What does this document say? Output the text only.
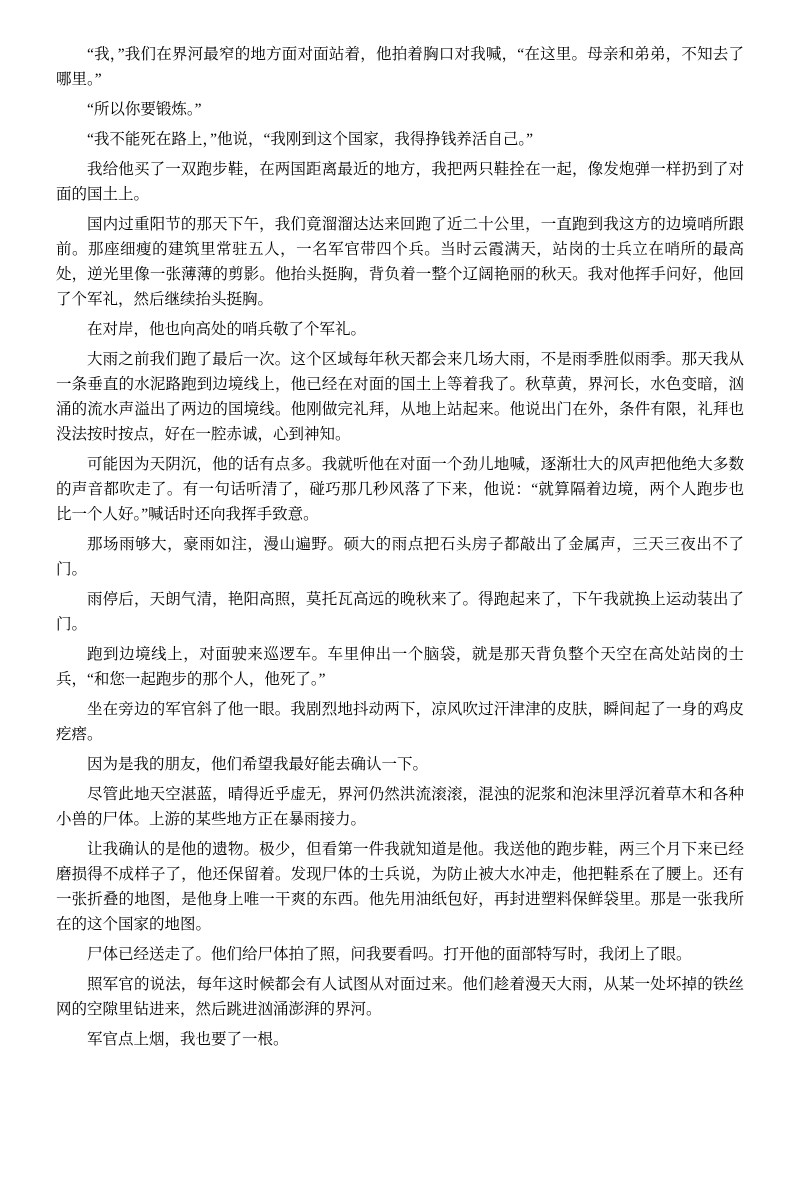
“我，”我们在界河最窄的地方面对面站着，他拍着胸口对我喊，“在这里。母亲和弟弟，不知去了哪里。”

“所以你要锻炼。”

“我不能死在路上，”他说，“我刚到这个国家，我得挣钱养活自己。”

我给他买了一双跑步鞋，在两国距离最近的地方，我把两只鞋拴在一起，像发炮弹一样扔到了对面的国土上。

国内过重阳节的那天下午，我们竟溜溜达达来回跑了近二十公里，一直跑到我这方的边境哨所跟前。那座细瘦的建筑里常驻五人，一名军官带四个兵。当时云霞满天，站岗的士兵立在哨所的最高处，逆光里像一张薄薄的剪影。他抬头挺胸，背负着一整个辽阔艳丽的秋天。我对他挥手问好，他回了个军礼，然后继续抬头挺胸。

在对岸，他也向高处的哨兵敬了个军礼。

大雨之前我们跑了最后一次。这个区域每年秋天都会来几场大雨，不是雨季胜似雨季。那天我从一条垂直的水泥路跑到边境线上，他已经在对面的国土上等着我了。秋草黄，界河长，水色变暗，汹涌的流水声溢出了两边的国境线。他刚做完礼拜，从地上站起来。他说出门在外，条件有限，礼拜也没法按时按点，好在一腔赤诚，心到神知。

可能因为天阴沉，他的话有点多。我就听他在对面一个劲儿地喊，逐渐壮大的风声把他绝大多数的声音都吹走了。有一句话听清了，碰巧那几秒风落了下来，他说：“就算隔着边境，两个人跑步也比一个人好。”喊话时还向我挥手致意。

那场雨够大，豪雨如注，漫山遍野。硕大的雨点把石头房子都敲出了金属声，三天三夜出不了门。

雨停后，天朗气清，艳阳高照，莫托瓦高远的晚秋来了。得跑起来了，下午我就换上运动装出了门。

跑到边境线上，对面驶来巡逻车。车里伸出一个脑袋，就是那天背负整个天空在高处站岗的士兵，“和您一起跑步的那个人，他死了。”

坐在旁边的军官斜了他一眼。我剧烈地抖动两下，凉风吹过汗津津的皮肤，瞬间起了一身的鸡皮疙瘩。

因为是我的朋友，他们希望我最好能去确认一下。

尽管此地天空湛蓝，晴得近乎虚无，界河仍然洪流滚滚，混浊的泥浆和泡沫里浮沉着草木和各种小兽的尸体。上游的某些地方正在暴雨接力。

让我确认的是他的遗物。极少，但看第一件我就知道是他。我送他的跑步鞋，两三个月下来已经磨损得不成样子了，他还保留着。发现尸体的士兵说，为防止被大水冲走，他把鞋系在了腰上。还有一张折叠的地图，是他身上唯一干爽的东西。他先用油纸包好，再封进塑料保鲜袋里。那是一张我所在的这个国家的地图。

尸体已经送走了。他们给尸体拍了照，问我要看吗。打开他的面部特写时，我闭上了眼。

照军官的说法，每年这时候都会有人试图从对面过来。他们趁着漫天大雨，从某一处坏掉的铁丝网的空隙里钻进来，然后跳进汹涌澎湃的界河。

军官点上烟，我也要了一根。
